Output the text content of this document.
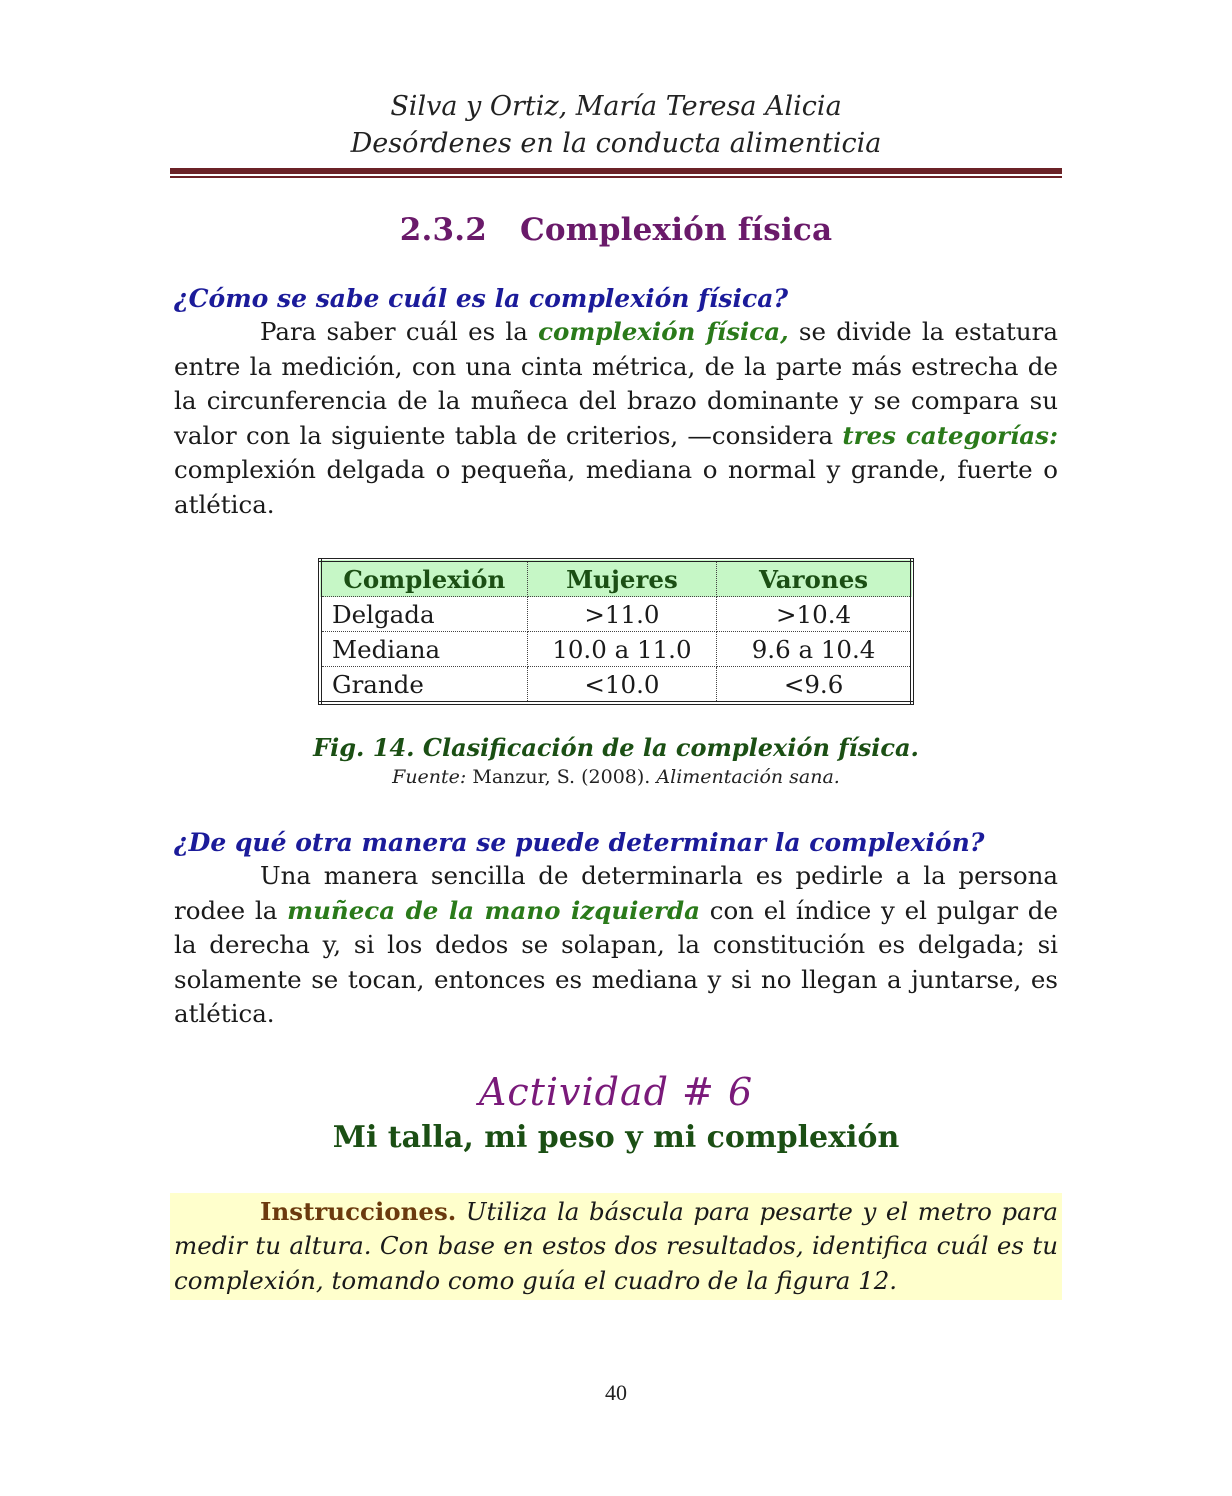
Silva y Ortiz, María Teresa Alicia
Desórdenes en la conducta alimenticia
2.3.2 Complexión física
¿Cómo se sabe cuál es la complexión física?

Para saber cuál es la complexión física, se divide la estatura entre la medición, con una cinta métrica, de la parte más estrecha de la circunferencia de la muñeca del brazo dominante y se compara su valor con la siguiente tabla de criterios, —considera tres categorías: complexión delgada o pequeña, mediana o normal y grande, fuerte o atlética.

Complexión	Mujeres	Varones
Delgada	>11.0	>10.4
Mediana	10.0 a 11.0	9.6 a 10.4
Grande	<10.0	<9.6
Fig. 14. Clasificación de la complexión física.
Fuente: Manzur, S. (2008). Alimentación sana.
¿De qué otra manera se puede determinar la complexión?

Una manera sencilla de determinarla es pedirle a la persona rodee la muñeca de la mano izquierda con el índice y el pulgar de la derecha y, si los dedos se solapan, la constitución es delgada; si solamente se tocan, entonces es mediana y si no llegan a juntarse, es atlética.

Actividad # 6
Mi talla, mi peso y mi complexión

Instrucciones. Utiliza la báscula para pesarte y el metro para medir tu altura. Con base en estos dos resultados, identifica cuál es tu complexión, tomando como guía el cuadro de la figura 12.

40
